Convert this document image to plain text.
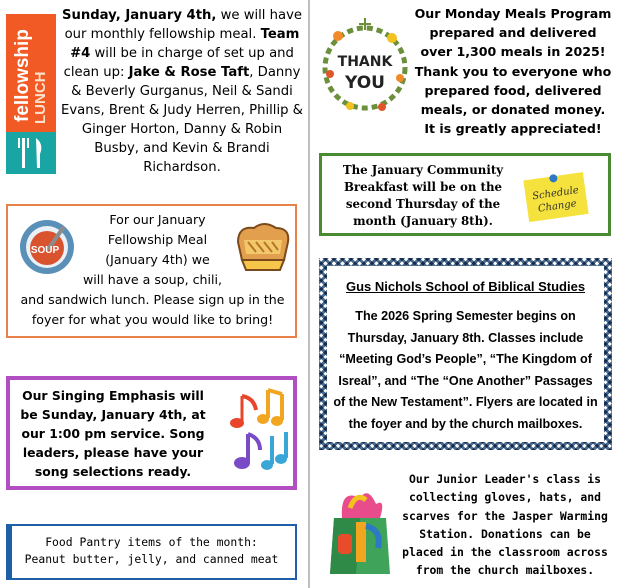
fellowship LUNCH
Sunday, January 4th, we will have our monthly fellowship meal. Team #4 will be in charge of set up and clean up: Jake & Rose Taft, Danny & Beverly Gurganus, Neil & Sandi Evans, Brent & Judy Herren, Phillip & Ginger Horton, Danny & Robin Busby, and Kevin & Brandi Richardson.
SOUP
For our January
Fellowship Meal
(January 4th) we
will have a soup, chili,
and sandwich lunch. Please sign up in the foyer for what you would like to bring!
Our Singing Emphasis will be Sunday, January 4th, at our 1:00 pm service. Song leaders, please have your song selections ready.
Food Pantry items of the month:
Peanut butter, jelly, and canned meat
THANK
YOU
Our Monday Meals Program prepared and delivered over 1,300 meals in 2025! Thank you to everyone who prepared food, delivered meals, or donated money. It is greatly appreciated!
The January Community Breakfast will be on the second Thursday of the month (January 8th).
Schedule
Change
Gus Nichols School of Biblical Studies
The 2026 Spring Semester begins on Thursday, January 8th. Classes include “Meeting God’s People”, “The Kingdom of Isreal”, and “The “One Another” Passages of the New Testament”. Flyers are located in the foyer and by the church mailboxes.
Our Junior Leader's class is collecting gloves, hats, and scarves for the Jasper Warming Station. Donations can be placed in the classroom across from the church mailboxes.
